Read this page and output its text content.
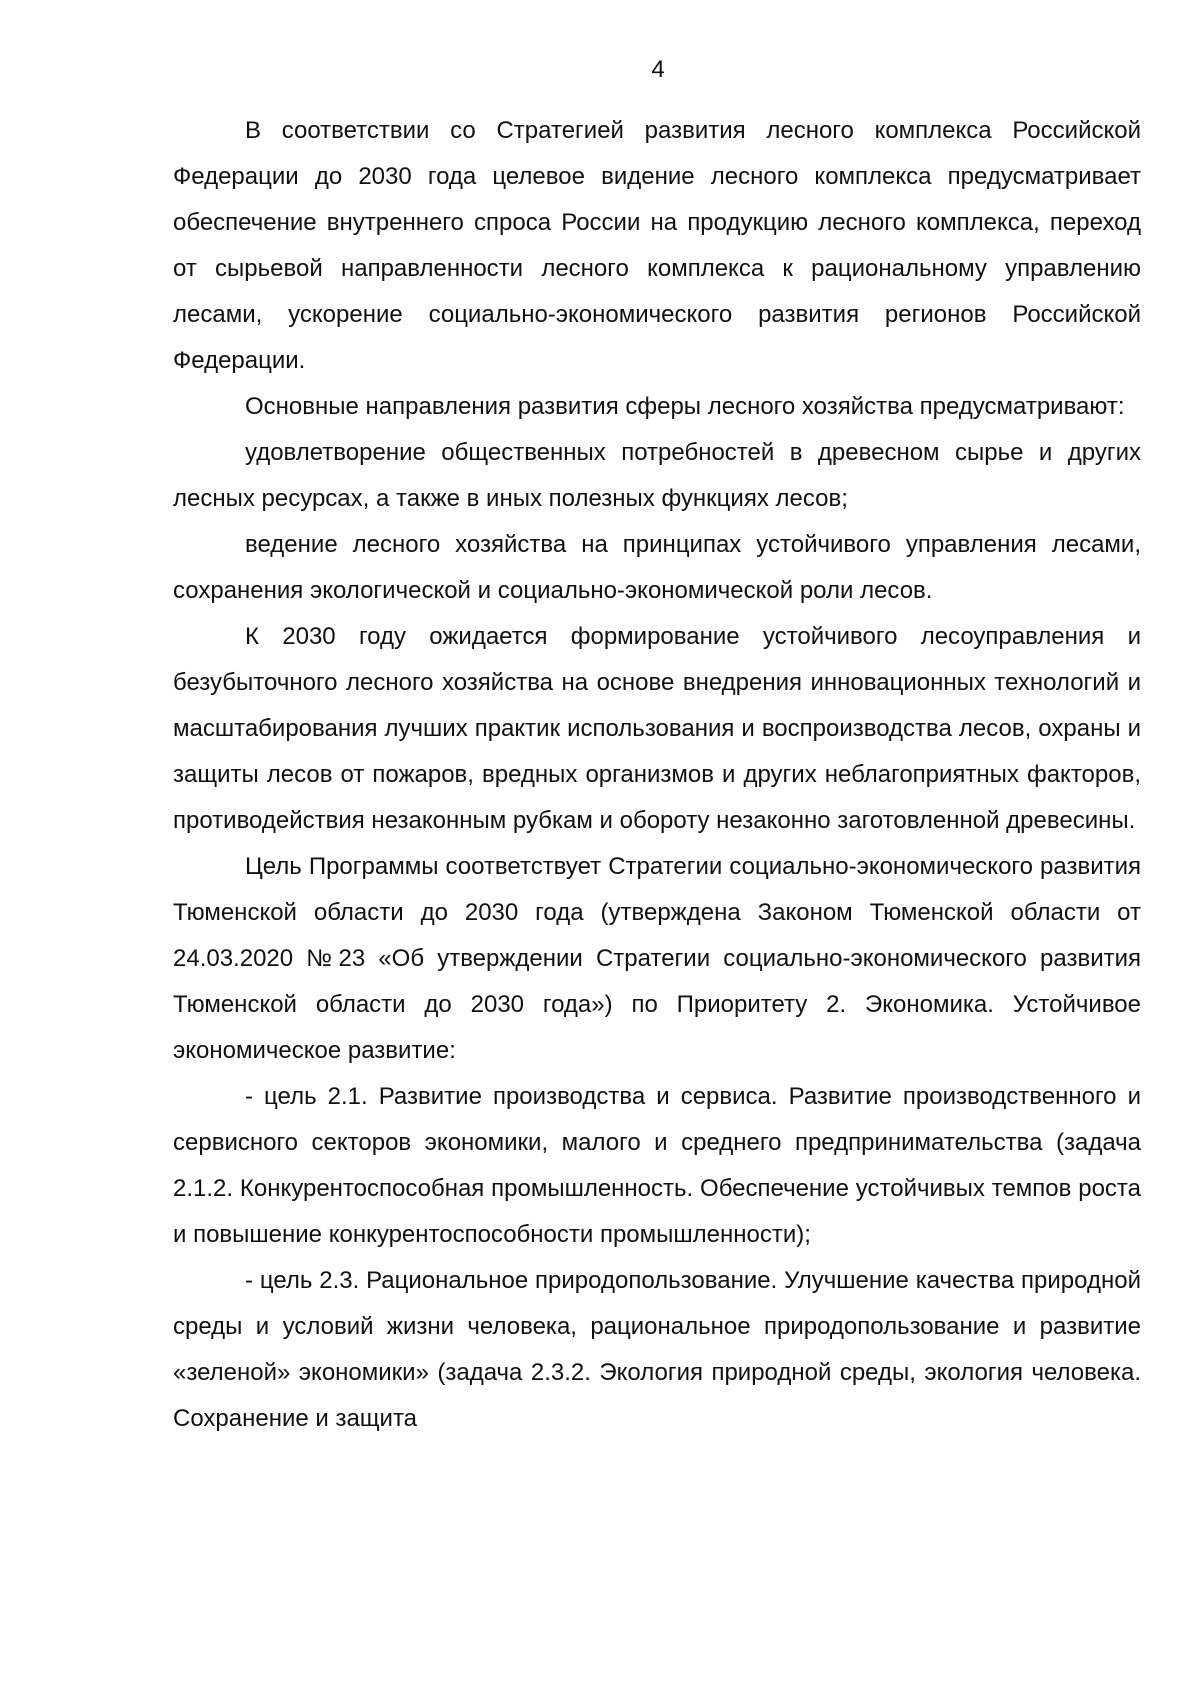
4

В соответствии со Стратегией развития лесного комплекса Российской Федерации до 2030 года целевое видение лесного комплекса предусматривает обеспечение внутреннего спроса России на продукцию лесного комплекса, переход от сырьевой направленности лесного комплекса к рациональному управлению лесами, ускорение социально-экономического развития регионов Российской Федерации.

Основные направления развития сферы лесного хозяйства предусматривают:

удовлетворение общественных потребностей в древесном сырье и других лесных ресурсах, а также в иных полезных функциях лесов;

ведение лесного хозяйства на принципах устойчивого управления лесами, сохранения экологической и социально-экономической роли лесов.

К 2030 году ожидается формирование устойчивого лесоуправления и безубыточного лесного хозяйства на основе внедрения инновационных технологий и масштабирования лучших практик использования и воспроизводства лесов, охраны и защиты лесов от пожаров, вредных организмов и других неблагоприятных факторов, противодействия незаконным рубкам и обороту незаконно заготовленной древесины.

Цель Программы соответствует Стратегии социально-экономического развития Тюменской области до 2030 года (утверждена Законом Тюменской области от 24.03.2020 №23 «Об утверждении Стратегии социально-экономического развития Тюменской области до 2030 года») по Приоритету 2. Экономика. Устойчивое экономическое развитие:

- цель 2.1. Развитие производства и сервиса. Развитие производственного и сервисного секторов экономики, малого и среднего предпринимательства (задача 2.1.2. Конкурентоспособная промышленность. Обеспечение устойчивых темпов роста и повышение конкурентоспособности промышленности);

- цель 2.3. Рациональное природопользование. Улучшение качества природной среды и условий жизни человека, рациональное природопользование и развитие «зеленой» экономики» (задача 2.3.2. Экология природной среды, экология человека. Сохранение и защита
